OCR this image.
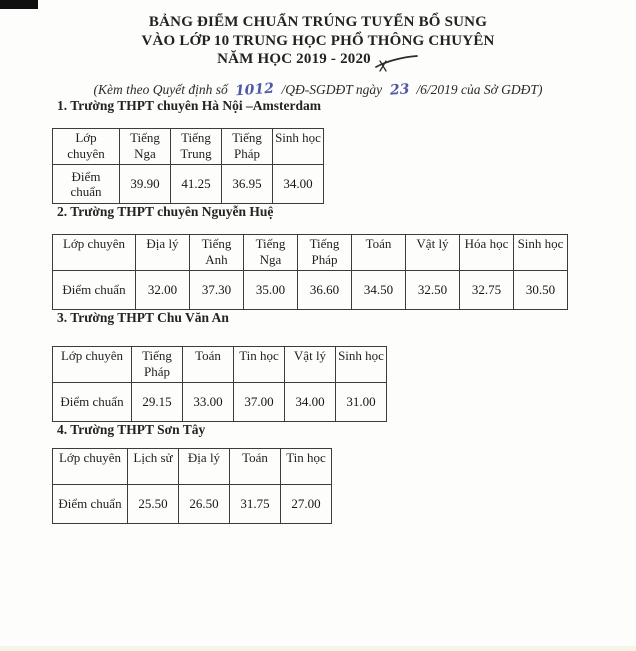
BẢNG ĐIỂM CHUẨN TRÚNG TUYỂN BỔ SUNG
VÀO LỚP 10 TRUNG HỌC PHỔ THÔNG CHUYÊN
NĂM HỌC 2019 - 2020

(Kèm theo Quyết định số 1012 /QĐ-SGDĐT ngày 23 /6/2019 của Sở GDĐT)

1. Trường THPT chuyên Hà Nội –Amsterdam
Lớp chuyên	Tiếng Nga	Tiếng Trung	Tiếng Pháp	Sinh học
Điểm chuẩn	39.90	41.25	36.95	34.00
2. Trường THPT chuyên Nguyễn Huệ
Lớp chuyên	Địa lý	Tiếng Anh	Tiếng Nga	Tiếng Pháp	Toán	Vật lý	Hóa học	Sinh học
Điểm chuẩn	32.00	37.30	35.00	36.60	34.50	32.50	32.75	30.50
3. Trường THPT Chu Văn An
Lớp chuyên	Tiếng Pháp	Toán	Tin học	Vật lý	Sinh học
Điểm chuẩn	29.15	33.00	37.00	34.00	31.00
4. Trường THPT Sơn Tây
Lớp chuyên	Lịch sử	Địa lý	Toán	Tin học
Điểm chuẩn	25.50	26.50	31.75	27.00
